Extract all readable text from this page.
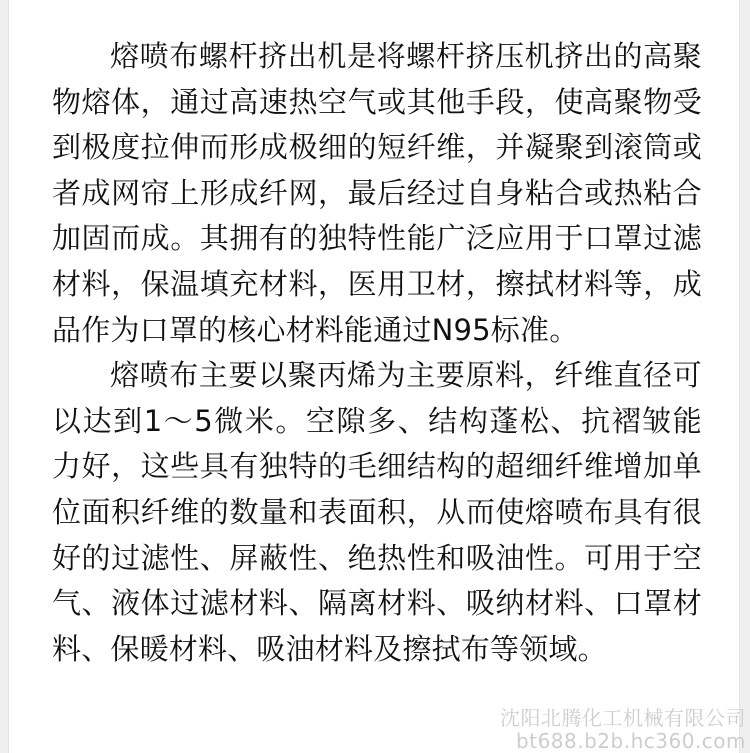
熔喷布螺杆挤出机是将螺杆挤压机挤出的高聚物熔体，通过高速热空气或其他手段，使高聚物受到极度拉伸而形成极细的短纤维，并凝聚到滚筒或者成网帘上形成纤网，最后经过自身粘合或热粘合加固而成。其拥有的独特性能广泛应用于口罩过滤材料，保温填充材料，医用卫材，擦拭材料等，成品作为口罩的核心材料能通过N95标准。

熔喷布主要以聚丙烯为主要原料，纤维直径可以达到1～5微米。空隙多、结构蓬松、抗褶皱能力好，这些具有独特的毛细结构的超细纤维增加单位面积纤维的数量和表面积，从而使熔喷布具有很好的过滤性、屏蔽性、绝热性和吸油性。可用于空气、液体过滤材料、隔离材料、吸纳材料、口罩材料、保暖材料、吸油材料及擦拭布等领域。

沈阳北腾化工机械有限公司
bt688.b2b.hc360.com
